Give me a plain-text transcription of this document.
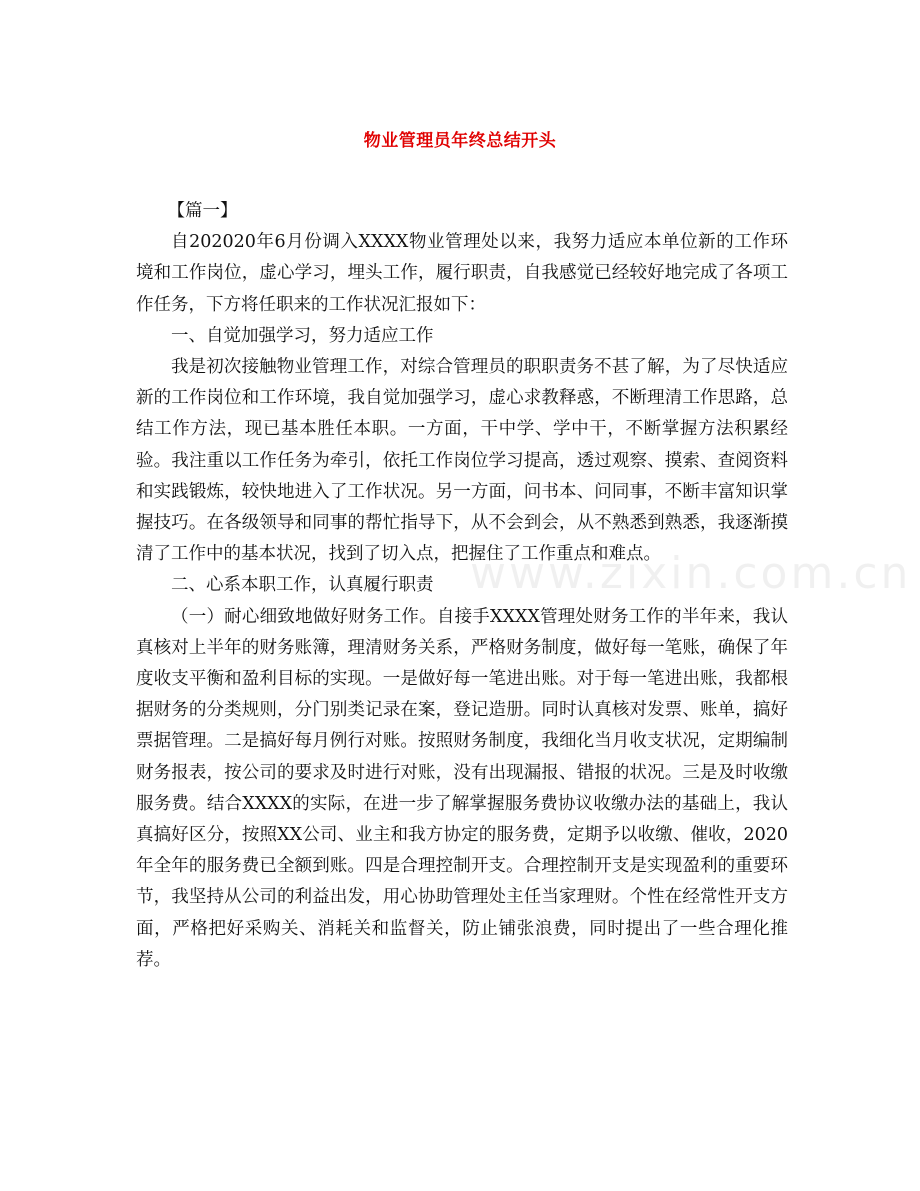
www.zixin.com.cn
物业管理员年终总结开头

【篇一】

自202020年6月份调入XXXX物业管理处以来，我努力适应本单位新的工作环境和工作岗位，虚心学习，埋头工作，履行职责，自我感觉已经较好地完成了各项工作任务，下方将任职来的工作状况汇报如下：

一、自觉加强学习，努力适应工作

我是初次接触物业管理工作，对综合管理员的职职责务不甚了解，为了尽快适应新的工作岗位和工作环境，我自觉加强学习，虚心求教释惑，不断理清工作思路，总结工作方法，现已基本胜任本职。一方面，干中学、学中干，不断掌握方法积累经验。我注重以工作任务为牵引，依托工作岗位学习提高，透过观察、摸索、查阅资料和实践锻炼，较快地进入了工作状况。另一方面，问书本、问同事，不断丰富知识掌握技巧。在各级领导和同事的帮忙指导下，从不会到会，从不熟悉到熟悉，我逐渐摸清了工作中的基本状况，找到了切入点，把握住了工作重点和难点。

二、心系本职工作，认真履行职责

（一）耐心细致地做好财务工作。自接手XXXX管理处财务工作的半年来，我认真核对上半年的财务账簿，理清财务关系，严格财务制度，做好每一笔账，确保了年度收支平衡和盈利目标的实现。一是做好每一笔进出账。对于每一笔进出账，我都根据财务的分类规则，分门别类记录在案，登记造册。同时认真核对发票、账单，搞好票据管理。二是搞好每月例行对账。按照财务制度，我细化当月收支状况，定期编制财务报表，按公司的要求及时进行对账，没有出现漏报、错报的状况。三是及时收缴服务费。结合XXXX的实际，在进一步了解掌握服务费协议收缴办法的基础上，我认真搞好区分，按照XX公司、业主和我方协定的服务费，定期予以收缴、催收，2020年全年的服务费已全额到账。四是合理控制开支。合理控制开支是实现盈利的重要环节，我坚持从公司的利益出发，用心协助管理处主任当家理财。个性在经常性开支方面，严格把好采购关、消耗关和监督关，防止铺张浪费，同时提出了一些合理化推荐。
